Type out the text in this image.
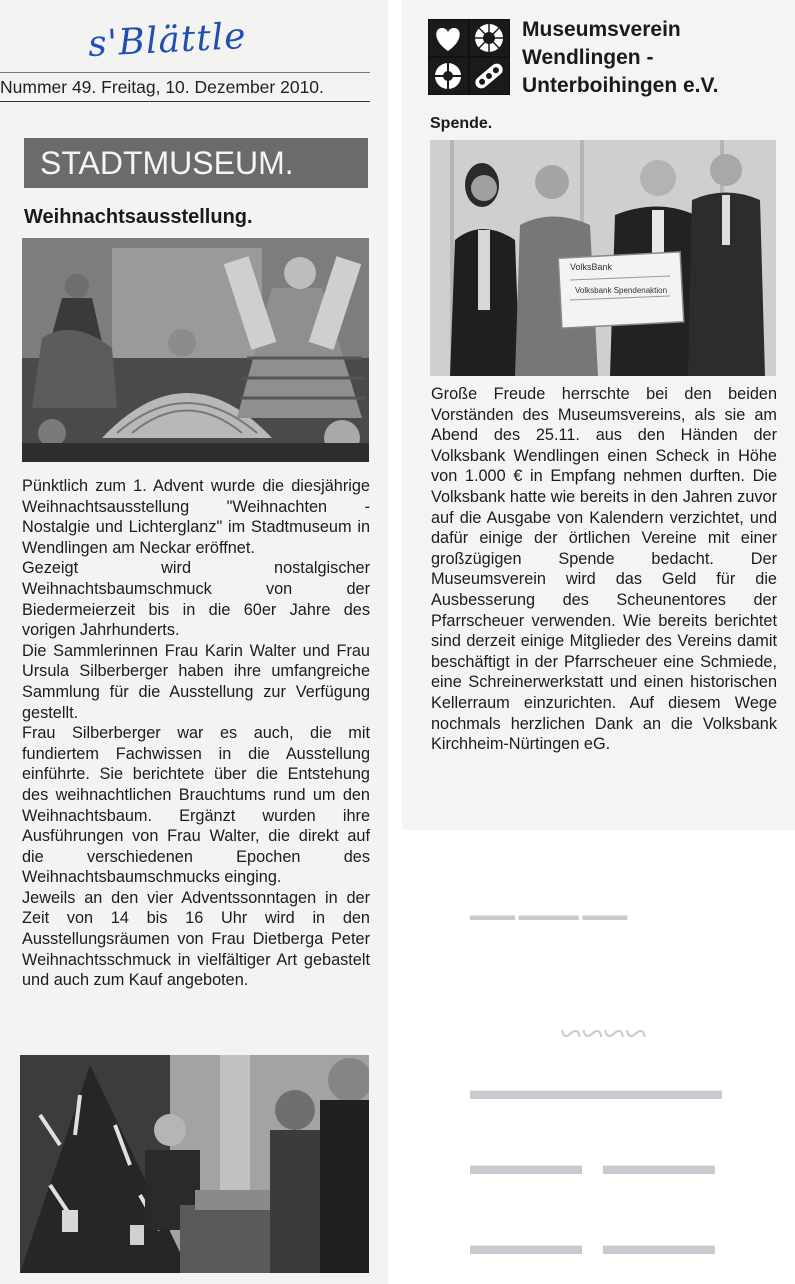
s'Blättle
Nummer 49. Freitag, 10. Dezember 2010.
STADTMUSEUM.
Weihnachtsausstellung.

Pünktlich zum 1. Advent wurde die diesjährige Weihnachtsausstellung "Weihnachten - Nostalgie und Lichterglanz" im Stadtmuseum in Wendlingen am Neckar eröffnet.

Gezeigt wird nostalgischer Weihnachtsbaumschmuck von der Biedermeierzeit bis in die 60er Jahre des vorigen Jahrhunderts.

Die Sammlerinnen Frau Karin Walter und Frau Ursula Silberberger haben ihre umfangreiche Sammlung für die Ausstellung zur Verfügung gestellt.

Frau Silberberger war es auch, die mit fundiertem Fachwissen in die Ausstellung einführte. Sie berichtete über die Entstehung des weihnachtlichen Brauchtums rund um den Weihnachtsbaum. Ergänzt wurden ihre Ausführungen von Frau Walter, die direkt auf die verschiedenen Epochen des Weihnachtsbaumschmucks einging.

Jeweils an den vier Adventssonntagen in der Zeit von 14 bis 16 Uhr wird in den Ausstellungsräumen von Frau Dietberga Peter Weihnachtsschmuck in vielfältiger Art gebastelt und auch zum Kauf angeboten.

Museumsverein
Wendlingen -
Unterboihingen e.V.
Spende.
VolksBank
Volksbank Spendenaktion

Große Freude herrschte bei den beiden Vorständen des Museumsvereins, als sie am Abend des 25.11. aus den Händen der Volksbank Wendlingen einen Scheck in Höhe von 1.000 € in Empfang nehmen durften. Die Volksbank hatte wie bereits in den Jahren zuvor auf die Ausgabe von Kalendern verzichtet, und dafür einige der örtlichen Vereine mit einer großzügigen Spende bedacht. Der Museumsverein wird das Geld für die Ausbesserung des Scheunentores der Pfarrscheuer verwenden. Wie bereits berichtet sind derzeit einige Mitglieder des Vereins damit beschäftigt in der Pfarrscheuer eine Schmiede, eine Schreinerwerkstatt und einen historischen Kellerraum einzurichten. Auf diesem Wege nochmals herzlichen Dank an die Volksbank Kirchheim-Nürtingen eG.

▬▬▬ ▬▬▬▬ ▬▬▬
~~~~
▬▬▬▬▬▬▬▬▬
▬▬▬▬   ▬▬▬▬
▬▬▬▬   ▬▬▬▬
